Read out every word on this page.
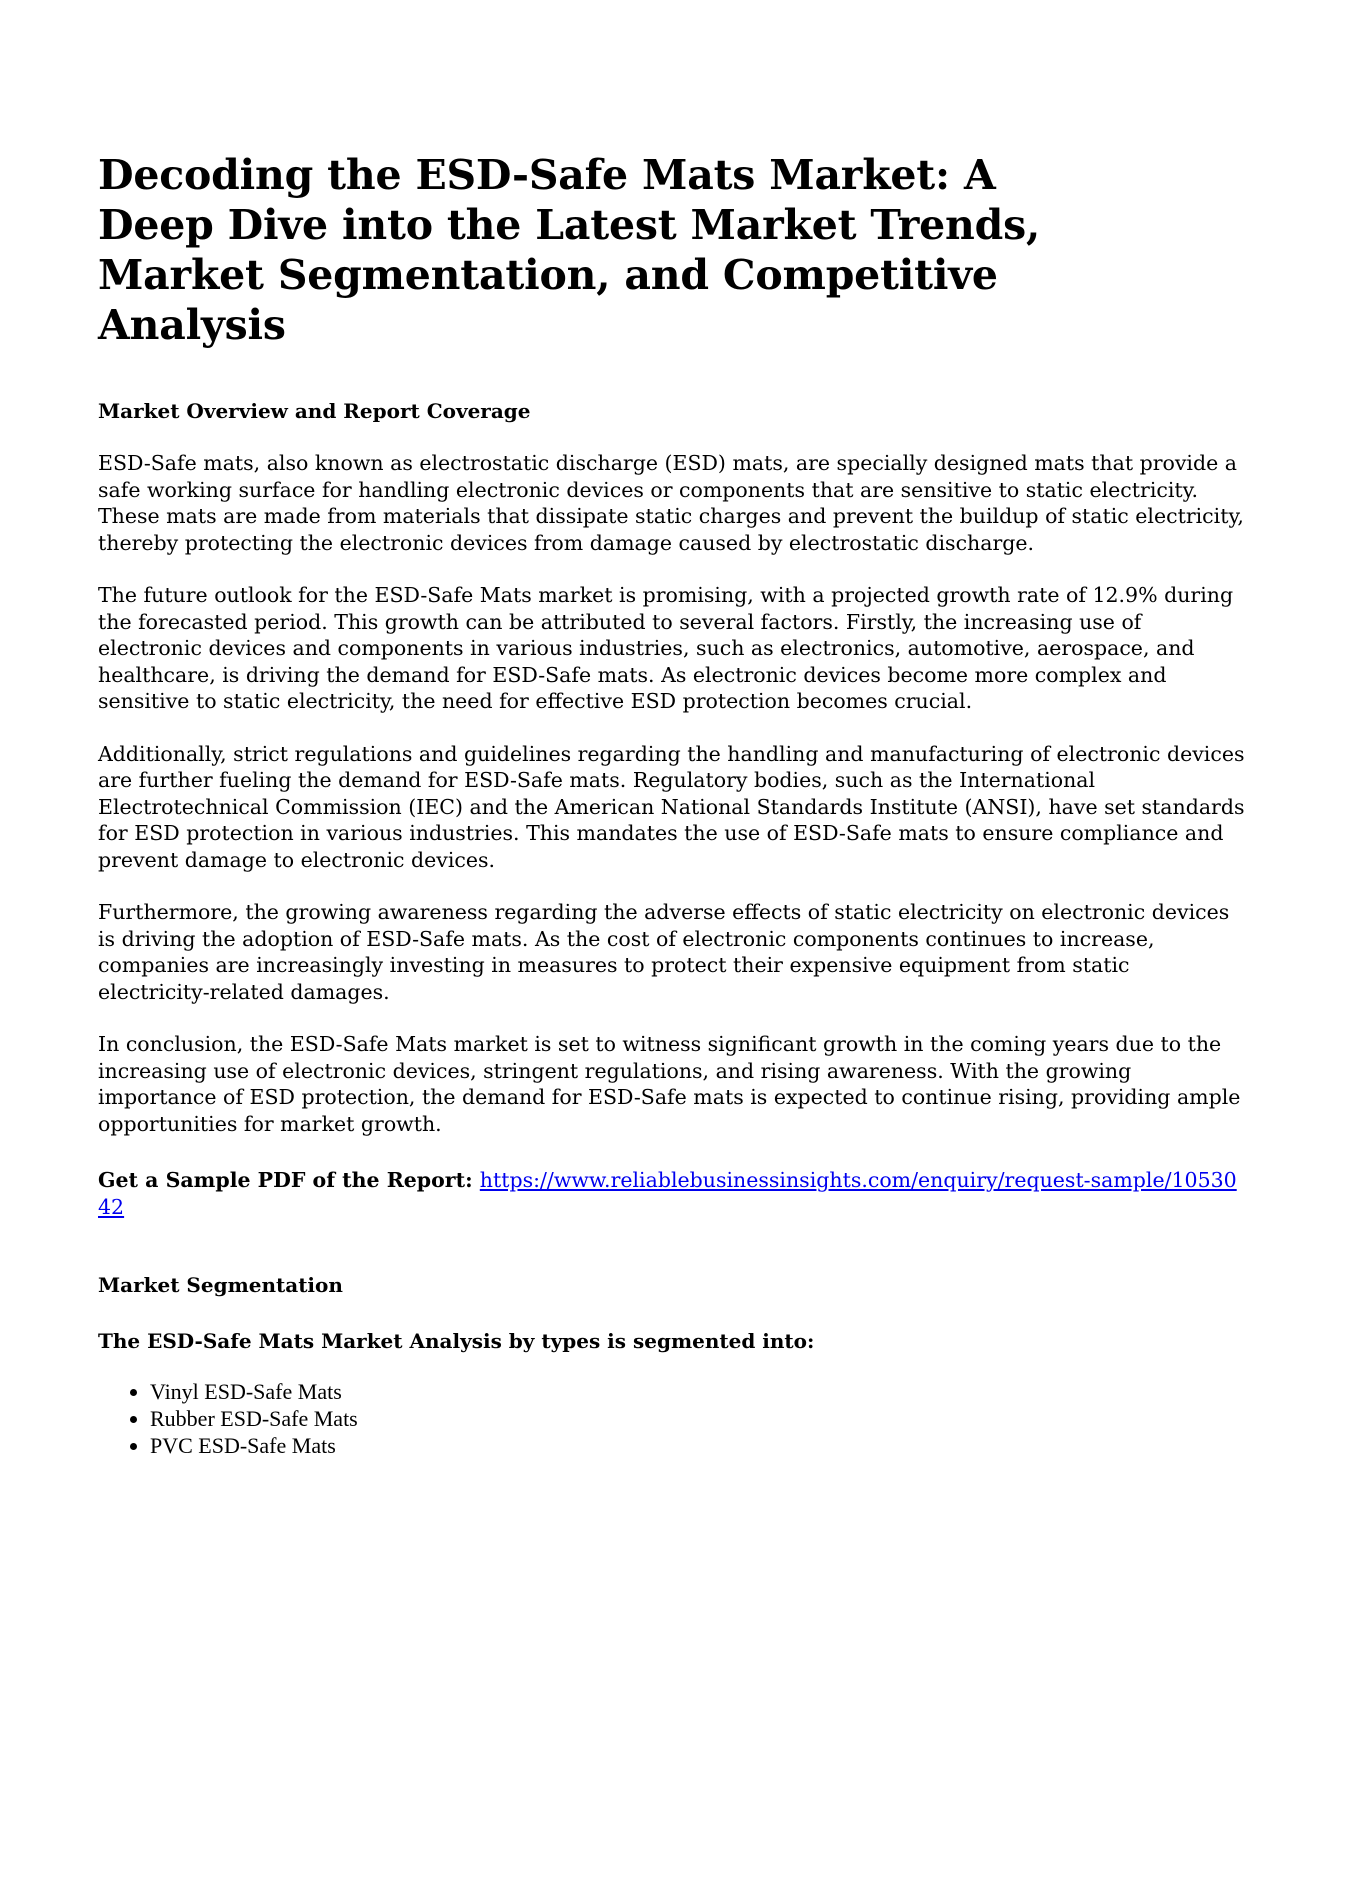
Decoding the ESD-Safe Mats Market: A Deep Dive into the Latest Market Trends, Market Segmentation, and Competitive Analysis
Market Overview and Report Coverage

ESD-Safe mats, also known as electrostatic discharge (ESD) mats, are specially designed mats that provide a safe working surface for handling electronic devices or components that are sensitive to static electricity. These mats are made from materials that dissipate static charges and prevent the buildup of static electricity, thereby protecting the electronic devices from damage caused by electrostatic discharge.

The future outlook for the ESD-Safe Mats market is promising, with a projected growth rate of 12.9% during the forecasted period. This growth can be attributed to several factors. Firstly, the increasing use of electronic devices and components in various industries, such as electronics, automotive, aerospace, and healthcare, is driving the demand for ESD-Safe mats. As electronic devices become more complex and sensitive to static electricity, the need for effective ESD protection becomes crucial.

Additionally, strict regulations and guidelines regarding the handling and manufacturing of electronic devices are further fueling the demand for ESD-Safe mats. Regulatory bodies, such as the International Electrotechnical Commission (IEC) and the American National Standards Institute (ANSI), have set standards for ESD protection in various industries. This mandates the use of ESD-Safe mats to ensure compliance and prevent damage to electronic devices.

Furthermore, the growing awareness regarding the adverse effects of static electricity on electronic devices is driving the adoption of ESD-Safe mats. As the cost of electronic components continues to increase, companies are increasingly investing in measures to protect their expensive equipment from static electricity-related damages.

In conclusion, the ESD-Safe Mats market is set to witness significant growth in the coming years due to the increasing use of electronic devices, stringent regulations, and rising awareness. With the growing importance of ESD protection, the demand for ESD-Safe mats is expected to continue rising, providing ample opportunities for market growth.

Get a Sample PDF of the Report: https://www.reliablebusinessinsights.com/enquiry/request-sample/1053042

Market Segmentation
The ESD-Safe Mats Market Analysis by types is segmented into:
• Vinyl ESD-Safe Mats
• Rubber ESD-Safe Mats
• PVC ESD-Safe Mats
